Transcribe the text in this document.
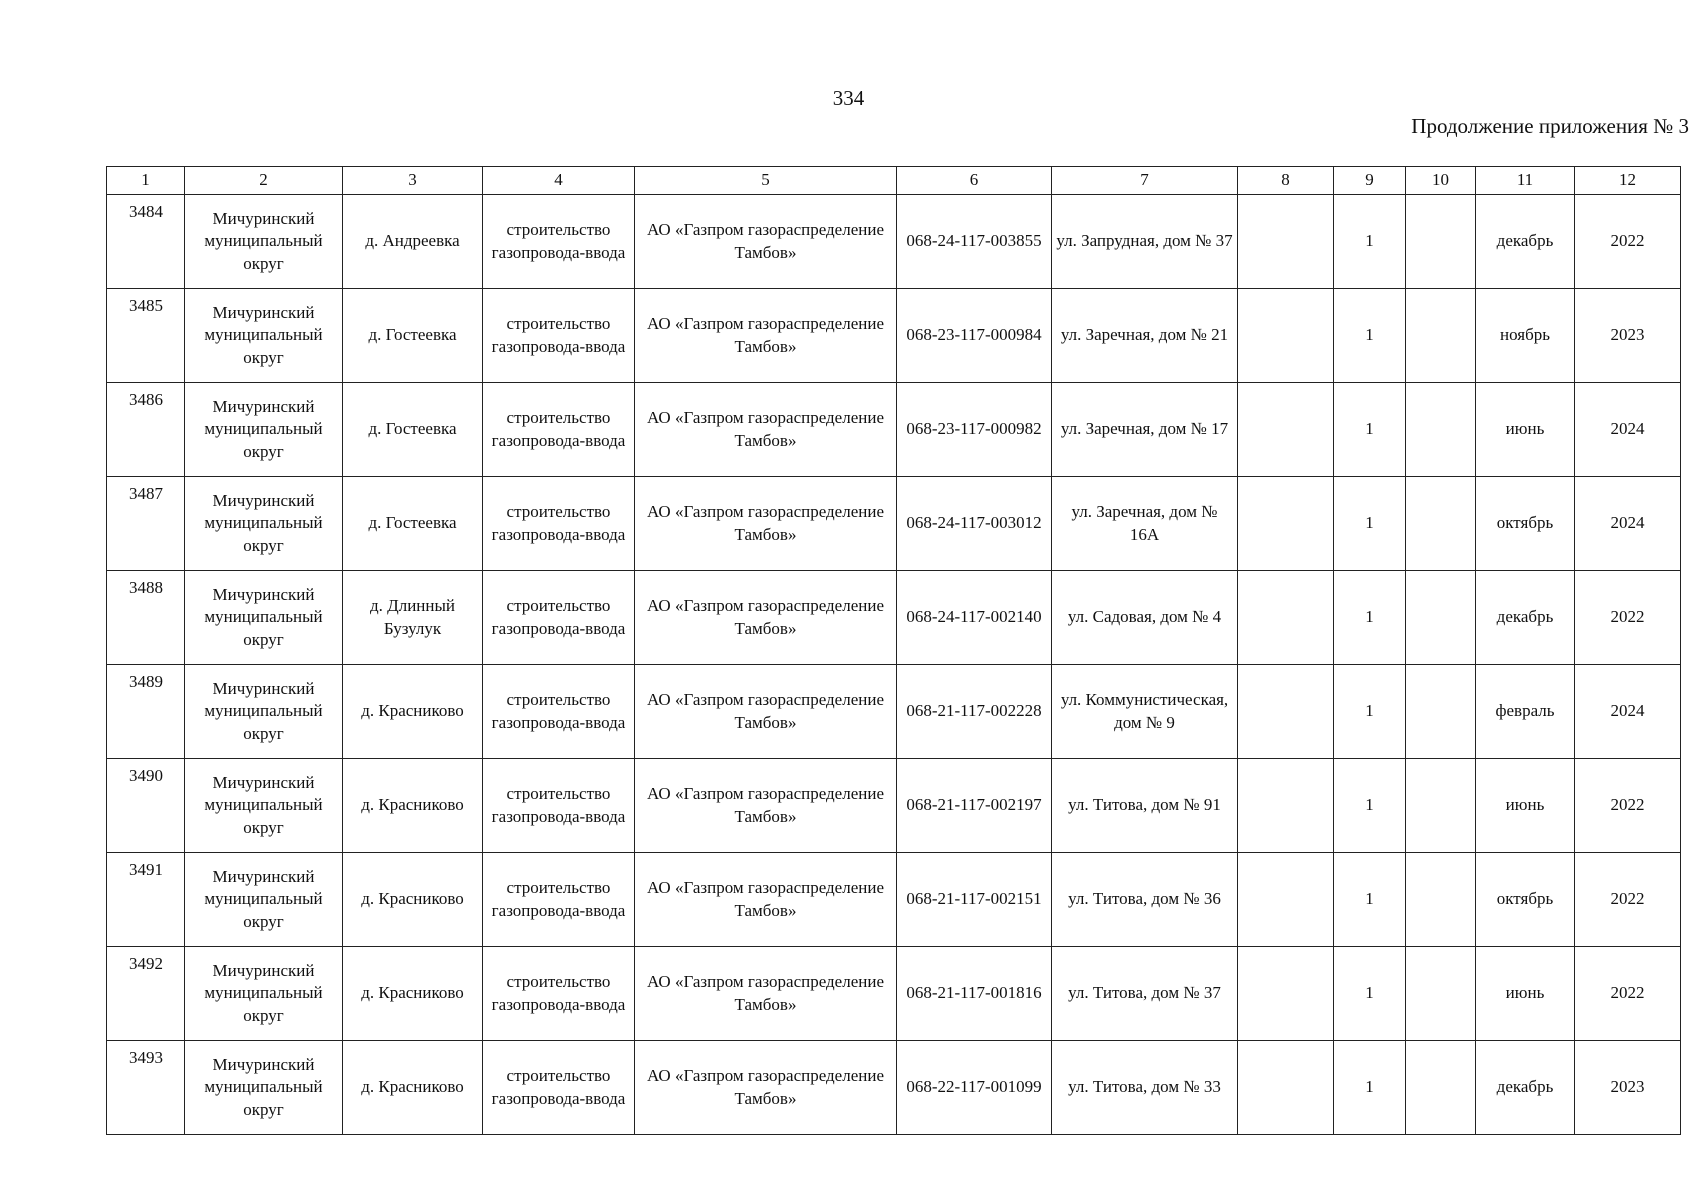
334
Продолжение приложения № 3
1	2	3	4	5	6	7	8	9	10	11	12
3484	Мичуринский муниципальный округ	д. Андреевка	строительство газопровода-ввода	АО «Газпром газораспределение Тамбов»	068-24-117-003855	ул. Запрудная, дом № 37		1		декабрь	2022
3485	Мичуринский муниципальный округ	д. Гостеевка	строительство газопровода-ввода	АО «Газпром газораспределение Тамбов»	068-23-117-000984	ул. Заречная, дом № 21		1		ноябрь	2023
3486	Мичуринский муниципальный округ	д. Гостеевка	строительство газопровода-ввода	АО «Газпром газораспределение Тамбов»	068-23-117-000982	ул. Заречная, дом № 17		1		июнь	2024
3487	Мичуринский муниципальный округ	д. Гостеевка	строительство газопровода-ввода	АО «Газпром газораспределение Тамбов»	068-24-117-003012	ул. Заречная, дом № 16А		1		октябрь	2024
3488	Мичуринский муниципальный округ	д. Длинный Бузулук	строительство газопровода-ввода	АО «Газпром газораспределение Тамбов»	068-24-117-002140	ул. Садовая, дом № 4		1		декабрь	2022
3489	Мичуринский муниципальный округ	д. Красниково	строительство газопровода-ввода	АО «Газпром газораспределение Тамбов»	068-21-117-002228	ул. Коммунистическая, дом № 9		1		февраль	2024
3490	Мичуринский муниципальный округ	д. Красниково	строительство газопровода-ввода	АО «Газпром газораспределение Тамбов»	068-21-117-002197	ул. Титова, дом № 91		1		июнь	2022
3491	Мичуринский муниципальный округ	д. Красниково	строительство газопровода-ввода	АО «Газпром газораспределение Тамбов»	068-21-117-002151	ул. Титова, дом № 36		1		октябрь	2022
3492	Мичуринский муниципальный округ	д. Красниково	строительство газопровода-ввода	АО «Газпром газораспределение Тамбов»	068-21-117-001816	ул. Титова, дом № 37		1		июнь	2022
3493	Мичуринский муниципальный округ	д. Красниково	строительство газопровода-ввода	АО «Газпром газораспределение Тамбов»	068-22-117-001099	ул. Титова, дом № 33		1		декабрь	2023
